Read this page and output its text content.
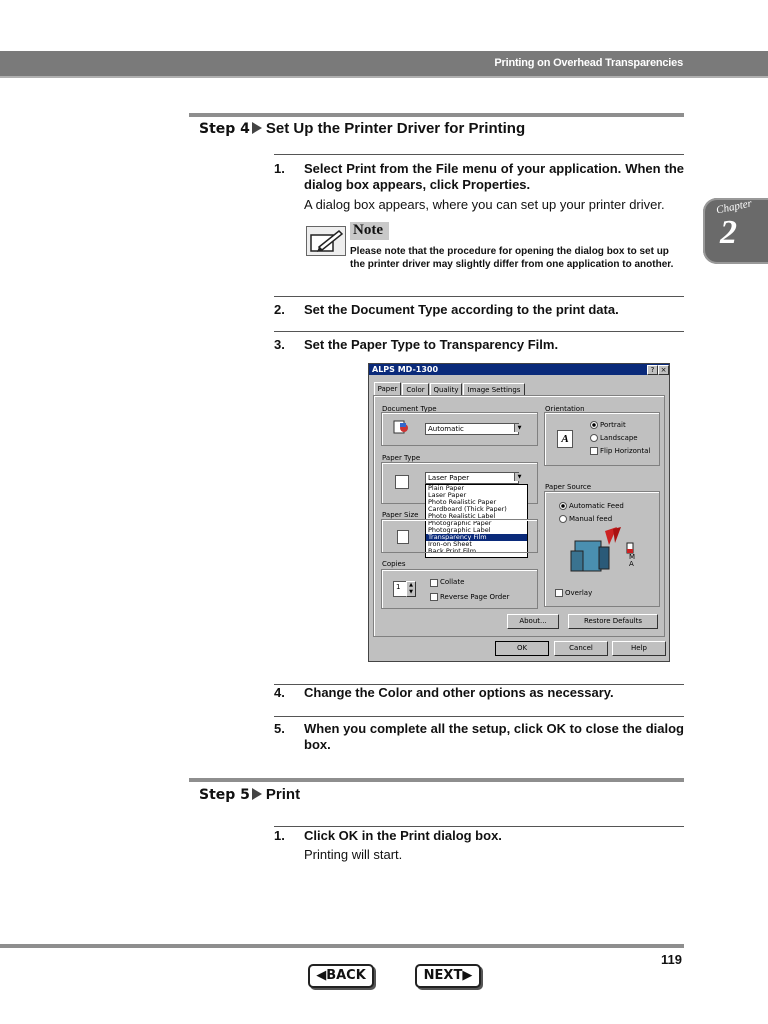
Printing on Overhead Transparencies
Chapter
2
Step 4 Set Up the Printer Driver for Printing
1. Select Print from the File menu of your application. When the dialog box appears, click Properties.
A dialog box appears, where you can set up your printer driver.
Note
Please note that the procedure for opening the dialog box to set up the printer driver may slightly differ from one application to another.
2. Set the Document Type according to the print data.
3. Set the Paper Type to Transparency Film.
ALPS MD-1300	? ×
Paper	Color	Quality	Image Settings
Document Type
Automatic	▼
Paper Type
Laser Paper	▼
Plain Paper
Laser Paper
Photo Realistic Paper
Cardboard (Thick Paper)
Photo Realistic Label
Photographic Paper
Photographic Label
Transparency Film
Iron-on Sheet
Back Print Film
Paper Size
Copies
1	▲
▼
Collate
Reverse Page Order
Orientation
A
Portrait
Landscape
Flip Horizontal
Paper Source
Automatic Feed
Manual feed
M
A
Overlay
About...	Restore Defaults
OK	Cancel	Help
4. Change the Color and other options as necessary.
5. When you complete all the setup, click OK to close the dialog box.
Step 5 Print
1. Click OK in the Print dialog box.
Printing will start.
119
◀BACK	NEXT▶
